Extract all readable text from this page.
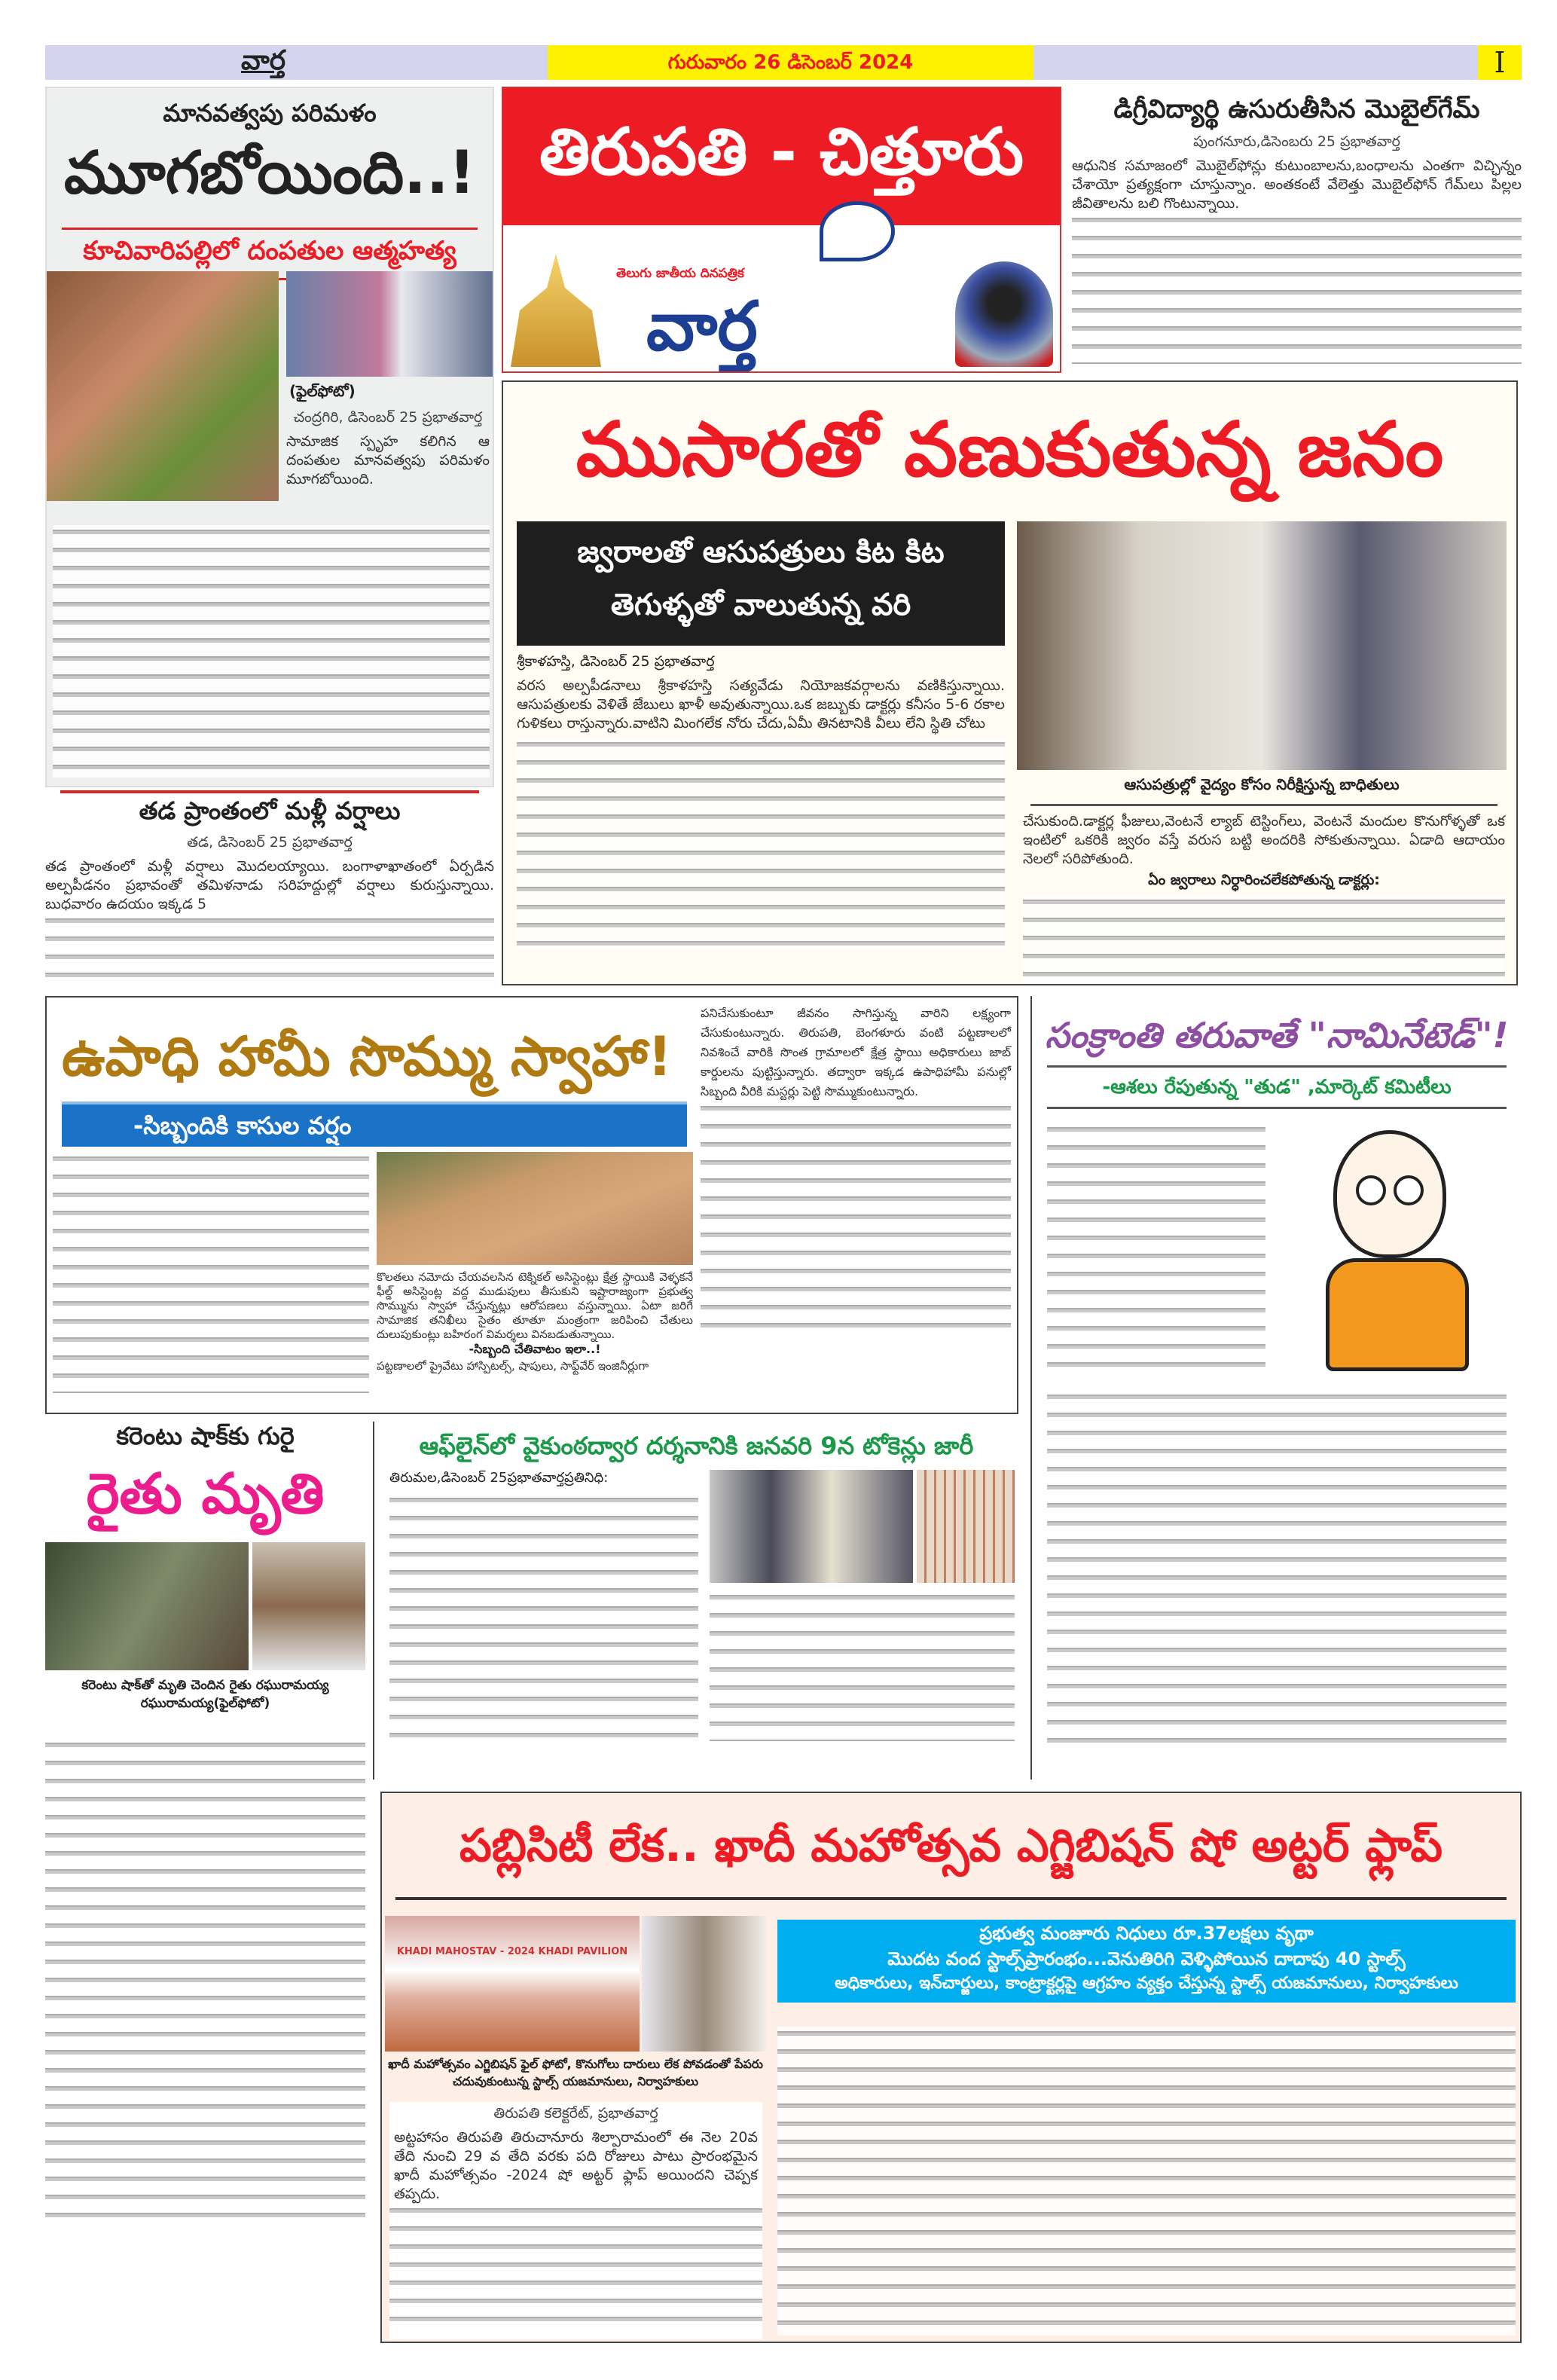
వార్త	గురువారం 26 డిసెంబర్ 2024	I
మానవత్వపు పరిమళం
మూగబోయింది..!
కూచివారిపల్లిలో దంపతుల ఆత్మహత్య
(ఫైల్‌ఫోటో)
చంద్రగిరి, డిసెంబర్ 25 ప్రభాతవార్త
సామాజిక స్పృహ కలిగిన ఆ దంపతుల మానవత్వపు పరిమళం మూగబోయింది.
తిరుపతి - చిత్తూరు
తెలుగు జాతీయ దినపత్రిక
వార్త
డిగ్రీవిద్యార్థి ఉసురుతీసిన మొబైల్‌గేమ్
పుంగనూరు,డిసెంబరు 25 ప్రభాతవార్త
ఆధునిక సమాజంలో మొబైల్‌ఫోన్లు కుటుంబాలను,బంధాలను ఎంతగా విచ్ఛిన్నం చేశాయో ప్రత్యక్షంగా చూస్తున్నాం. అంతకంటే వేలెత్తు మొబైల్‌ఫోన్ గేమ్‌లు పిల్లల జీవితాలను బలి గొంటున్నాయి.
ముసారతో వణుకుతున్న జనం
జ్వరాలతో ఆసుపత్రులు కిట కిట
తెగుళ్ళతో వాలుతున్న వరి
శ్రీకాళహస్తి, డిసెంబర్ 25 ప్రభాతవార్త
వరస అల్పపీడనాలు శ్రీకాళహస్తి సత్యవేడు నియోజకవర్గాలను వణికిస్తున్నాయి. ఆసుపత్రులకు వెళితే జేబులు ఖాళీ అవుతున్నాయి.ఒక జబ్బుకు డాక్టర్లు కనీసం 5-6 రకాల గుళికలు రాస్తున్నారు.వాటిని మింగలేక నోరు చేదు,ఏమీ తినటానికి వీలు లేని స్థితి చోటు
ఆసుపత్రుల్లో వైద్యం కోసం నిరీక్షిస్తున్న బాధితులు
చేసుకుంది.డాక్టర్ల ఫీజులు,వెంటనే ల్యాబ్ టెస్టింగ్‌లు, వెంటనే మందుల కొనుగోళ్ళతో ఒక ఇంటిలో ఒకరికి జ్వరం వస్తే వరుస బట్టి అందరికి సోకుతున్నాయి. ఏడాది ఆదాయం నెలలో సరిపోతుంది.
ఏం జ్వరాలు నిర్ధారించలేకపోతున్న డాక్టర్లు:
తడ ప్రాంతంలో మళ్లీ వర్షాలు
తడ, డిసెంబర్ 25 ప్రభాతవార్త
తడ ప్రాంతంలో మళ్లీ వర్షాలు మొదలయ్యాయి. బంగాళాఖాతంలో ఏర్పడిన అల్పపీడనం ప్రభావంతో తమిళనాడు సరిహద్దుల్లో వర్షాలు కురుస్తున్నాయి. బుధవారం ఉదయం ఇక్కడ 5
ఉపాధి హామీ సొమ్ము స్వాహా!
-సిబ్బందికి కాసుల వర్షం
కొలతలు నమోదు చేయవలసిన టెక్నికల్ అసిస్టెంట్లు క్షేత్ర స్థాయికి వెళ్ళకనే ఫీల్డ్ అసిస్టెంట్ల వద్ద ముడుపులు తీసుకుని ఇష్టారాజ్యంగా ప్రభుత్వ సొమ్మును స్వాహా చేస్తున్నట్లు ఆరోపణలు వస్తున్నాయి. ఏటా జరిగే సామాజిక తనిఖీలు సైతం తూతూ మంత్రంగా జరిపించి చేతులు దులుపుకుంట్లు బహిరంగ విమర్శలు వినబడుతున్నాయి.
-సిబ్బంది చేతివాటం ఇలా..!
పట్టణాలలో ప్రైవేటు హాస్పిటల్స్, షాపులు, సాఫ్ట్‌వేర్ ఇంజినీర్లుగా
పనిచేసుకుంటూ జీవనం సాగిస్తున్న వారిని లక్ష్యంగా చేసుకుంటున్నారు. తిరుపతి, బెంగళూరు వంటి పట్టణాలలో నివశించే వారికి సొంత గ్రామాలలో క్షేత్ర స్థాయి అధికారులు జాబ్ కార్డులను పుట్టిస్తున్నారు. తద్వారా ఇక్కడ ఉపాధిహామీ పనుల్లో సిబ్బంది వీరికి మస్టర్లు పెట్టి సొమ్ముకుంటున్నారు.
సంక్రాంతి తరువాతే "నామినేటెడ్"!
-ఆశలు రేపుతున్న "తుడ" ,మార్కెట్ కమిటీలు
కరెంటు షాక్‌కు గురై
రైతు మృతి
కరెంటు షాక్‌తో మృతి చెందిన రైతు రఘురామయ్య రఘురామయ్య(ఫైల్‌ఫోటో)
ఆఫ్‌లైన్‌లో వైకుంఠద్వార దర్శనానికి జనవరి 9న టోకెన్లు జారీ
తిరుమల,డిసెంబర్ 25ప్రభాతవార్తప్రతినిధి:
పబ్లిసిటీ లేక.. ఖాదీ మహోత్సవ ఎగ్జిబిషన్ షో అట్టర్ ఫ్లాప్
KHADI MAHOSTAV - 2024 KHADI PAVILION
ఖాదీ మహోత్సవం ఎగ్జిబిషన్ ఫైల్ ఫోటో, కొనుగోలు దారులు లేక పోవడంతో పేపరు చదువుకుంటున్న స్టాల్స్ యజమానులు, నిర్వాహకులు
ప్రభుత్వ మంజూరు నిధులు రూ.37లక్షలు వృథా
మొదట వంద స్టాల్స్‌ప్రారంభం...వెనుతిరిగి వెళ్ళిపోయిన దాదాపు 40 స్టాల్స్
అధికారులు, ఇన్‌చార్జులు, కాంట్రాక్టర్లపై ఆగ్రహం వ్యక్తం చేస్తున్న స్టాల్స్ యజమానులు, నిర్వాహకులు
తిరుపతి కలెక్టరేట్, ప్రభాతవార్త
అట్టహాసం తిరుపతి తిరుచానూరు శిల్పారామంలో ఈ నెల 20వ తేది నుంచి 29 వ తేది వరకు పది రోజులు పాటు ప్రారంభమైన ఖాదీ మహోత్సవం -2024 షో అట్టర్ ఫ్లాప్ అయిందని చెప్పక తప్పదు.
